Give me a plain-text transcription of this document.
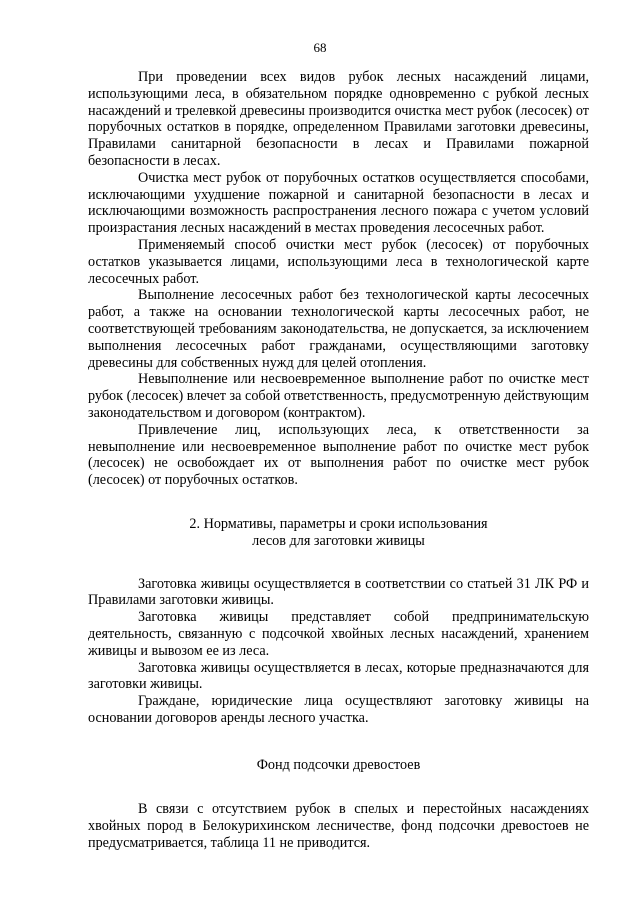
68

При проведении всех видов рубок лесных насаждений лицами, использующими леса, в обязательном порядке одновременно с рубкой лесных насаждений и трелевкой древесины производится очистка мест рубок (лесосек) от порубочных остатков в порядке, определенном Правилами заготовки древесины, Правилами санитарной безопасности в лесах и Правилами пожарной безопасности в лесах.

Очистка мест рубок от порубочных остатков осуществляется способами, исключающими ухудшение пожарной и санитарной безопасности в лесах и исключающими возможность распространения лесного пожара с учетом условий произрастания лесных насаждений в местах проведения лесосечных работ.

Применяемый способ очистки мест рубок (лесосек) от порубочных остатков указывается лицами, использующими леса в технологической карте лесосечных работ.

Выполнение лесосечных работ без технологической карты лесосечных работ, а также на основании технологической карты лесосечных работ, не соответствующей требованиям законодательства, не допускается, за исключением выполнения лесосечных работ гражданами, осуществляющими заготовку древесины для собственных нужд для целей отопления.

Невыполнение или несвоевременное выполнение работ по очистке мест рубок (лесосек) влечет за собой ответственность, предусмотренную действующим законодательством и договором (контрактом).

Привлечение лиц, использующих леса, к ответственности за невыполнение или несвоевременное выполнение работ по очистке мест рубок (лесосек) не освобождает их от выполнения работ по очистке мест рубок (лесосек) от порубочных остатков.

2. Нормативы, параметры и сроки использования

лесов для заготовки живицы

Заготовка живицы осуществляется в соответствии со статьей 31 ЛК РФ и Правилами заготовки живицы.

Заготовка живицы представляет собой предпринимательскую деятельность, связанную с подсочкой хвойных лесных насаждений, хранением живицы и вывозом ее из леса.

Заготовка живицы осуществляется в лесах, которые предназначаются для заготовки живицы.

Граждане, юридические лица осуществляют заготовку живицы на основании договоров аренды лесного участка.

Фонд подсочки древостоев

В связи с отсутствием рубок в спелых и перестойных насаждениях хвойных пород в Белокурихинском лесничестве, фонд подсочки древостоев не предусматривается, таблица 11 не приводится.
